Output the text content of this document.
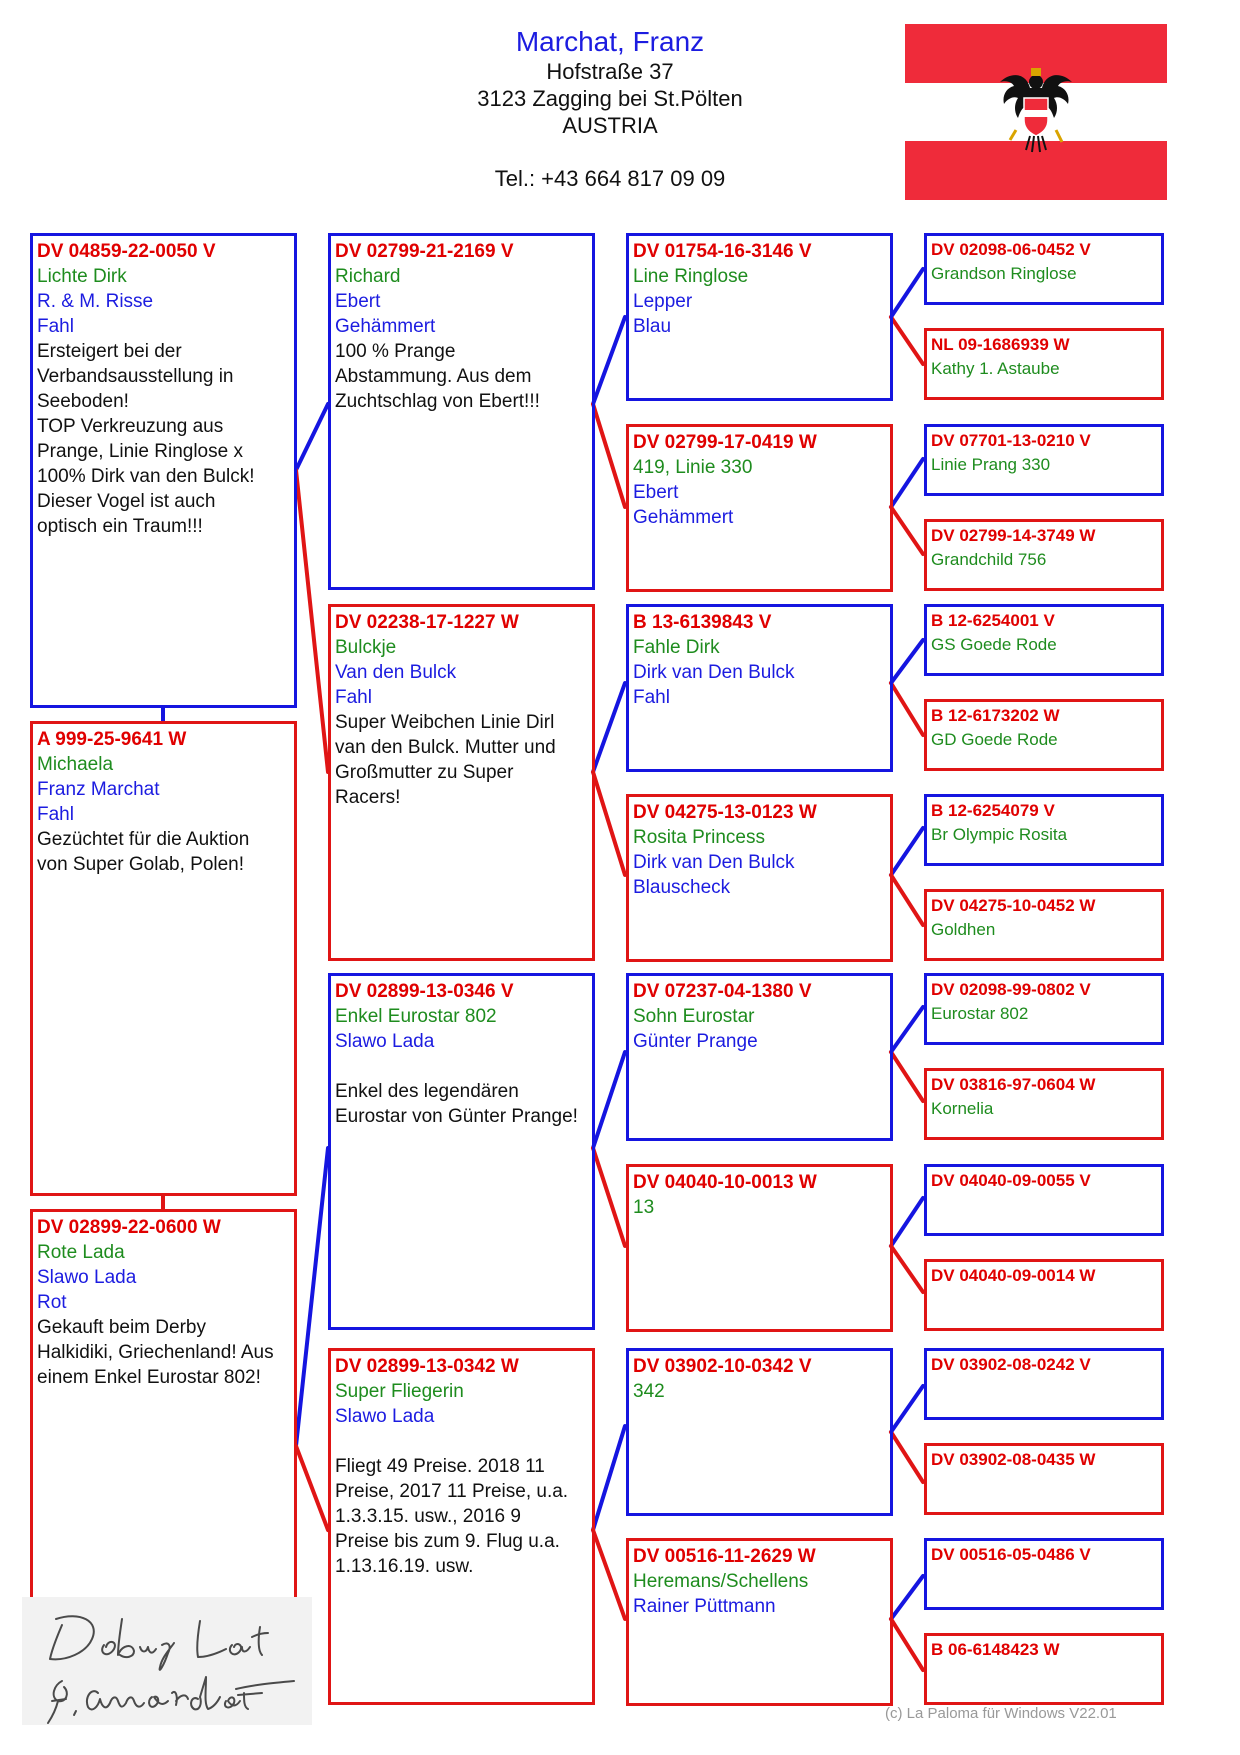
Marchat, Franz
Hofstraße 37
3123 Zagging bei St.Pölten
AUSTRIA
Tel.: +43 664 817 09 09
DV 04859-22-0050 V
Lichte Dirk
R. & M. Risse
Fahl
Ersteigert bei der
Verbandsausstellung in
Seeboden!
TOP Verkreuzung aus
Prange, Linie Ringlose x
100% Dirk van den Bulck!
Dieser Vogel ist auch
optisch ein Traum!!!
A 999-25-9641 W
Michaela
Franz Marchat
Fahl
Gezüchtet für die Auktion
von Super Golab, Polen!
DV 02899-22-0600 W
Rote Lada
Slawo Lada
Rot
Gekauft beim Derby
Halkidiki, Griechenland! Aus
einem Enkel Eurostar 802!
DV 02799-21-2169 V
Richard
Ebert
Gehämmert
100 % Prange
Abstammung. Aus dem
Zuchtschlag von Ebert!!!
DV 02238-17-1227 W
Bulckje
Van den Bulck
Fahl
Super Weibchen Linie Dirl
van den Bulck. Mutter und
Großmutter zu Super
Racers!
DV 02899-13-0346 V
Enkel Eurostar 802
Slawo Lada

Enkel des legendären
Eurostar von Günter Prange!
DV 02899-13-0342 W
Super Fliegerin
Slawo Lada

Fliegt 49 Preise. 2018 11
Preise, 2017 11 Preise, u.a.
1.3.3.15. usw., 2016 9
Preise bis zum 9. Flug u.a.
1.13.16.19. usw.
DV 01754-16-3146 V
Line Ringlose
Lepper
Blau
DV 02799-17-0419 W
419, Linie 330
Ebert
Gehämmert
B 13-6139843 V
Fahle Dirk
Dirk van Den Bulck
Fahl
DV 04275-13-0123 W
Rosita Princess
Dirk van Den Bulck
Blauscheck
DV 07237-04-1380 V
Sohn Eurostar
Günter Prange
DV 04040-10-0013 W
13
DV 03902-10-0342 V
342
DV 00516-11-2629 W
Heremans/Schellens
Rainer Püttmann
DV 02098-06-0452 V
Grandson Ringlose
NL 09-1686939 W
Kathy 1. Astaube
DV 07701-13-0210 V
Linie Prang 330
DV 02799-14-3749 W
Grandchild 756
B 12-6254001 V
GS Goede Rode
B 12-6173202 W
GD Goede Rode
B 12-6254079 V
Br Olympic Rosita
DV 04275-10-0452 W
Goldhen
DV 02098-99-0802 V
Eurostar 802
DV 03816-97-0604 W
Kornelia
DV 04040-09-0055 V
DV 04040-09-0014 W
DV 03902-08-0242 V
DV 03902-08-0435 W
DV 00516-05-0486 V
B 06-6148423 W
(c) La Paloma für Windows V22.01
